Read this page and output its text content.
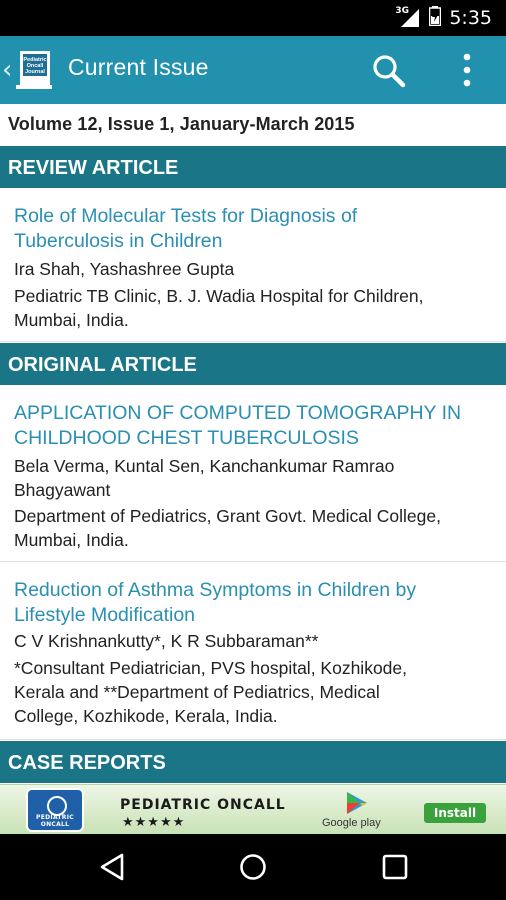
3G 5:35
‹ Pediatric
Oncall
Journal Current Issue
Volume 12, Issue 1, January-March 2015
REVIEW ARTICLE
Role of Molecular Tests for Diagnosis of
Tuberculosis in Children
Ira Shah, Yashashree Gupta
Pediatric TB Clinic, B. J. Wadia Hospital for Children,
Mumbai, India.
ORIGINAL ARTICLE
APPLICATION OF COMPUTED TOMOGRAPHY IN
CHILDHOOD CHEST TUBERCULOSIS
Bela Verma, Kuntal Sen, Kanchankumar Ramrao
Bhagyawant
Department of Pediatrics, Grant Govt. Medical College,
Mumbai, India.
Reduction of Asthma Symptoms in Children by
Lifestyle Modification
C V Krishnankutty*, K R Subbaraman**
*Consultant Pediatrician, PVS hospital, Kozhikode,
Kerala and **Department of Pediatrics, Medical
College, Kozhikode, Kerala, India.
CASE REPORTS
PEDIATRIC ONCALL
PEDIATRIC ONCALL
★★★★★	Google play
Install
